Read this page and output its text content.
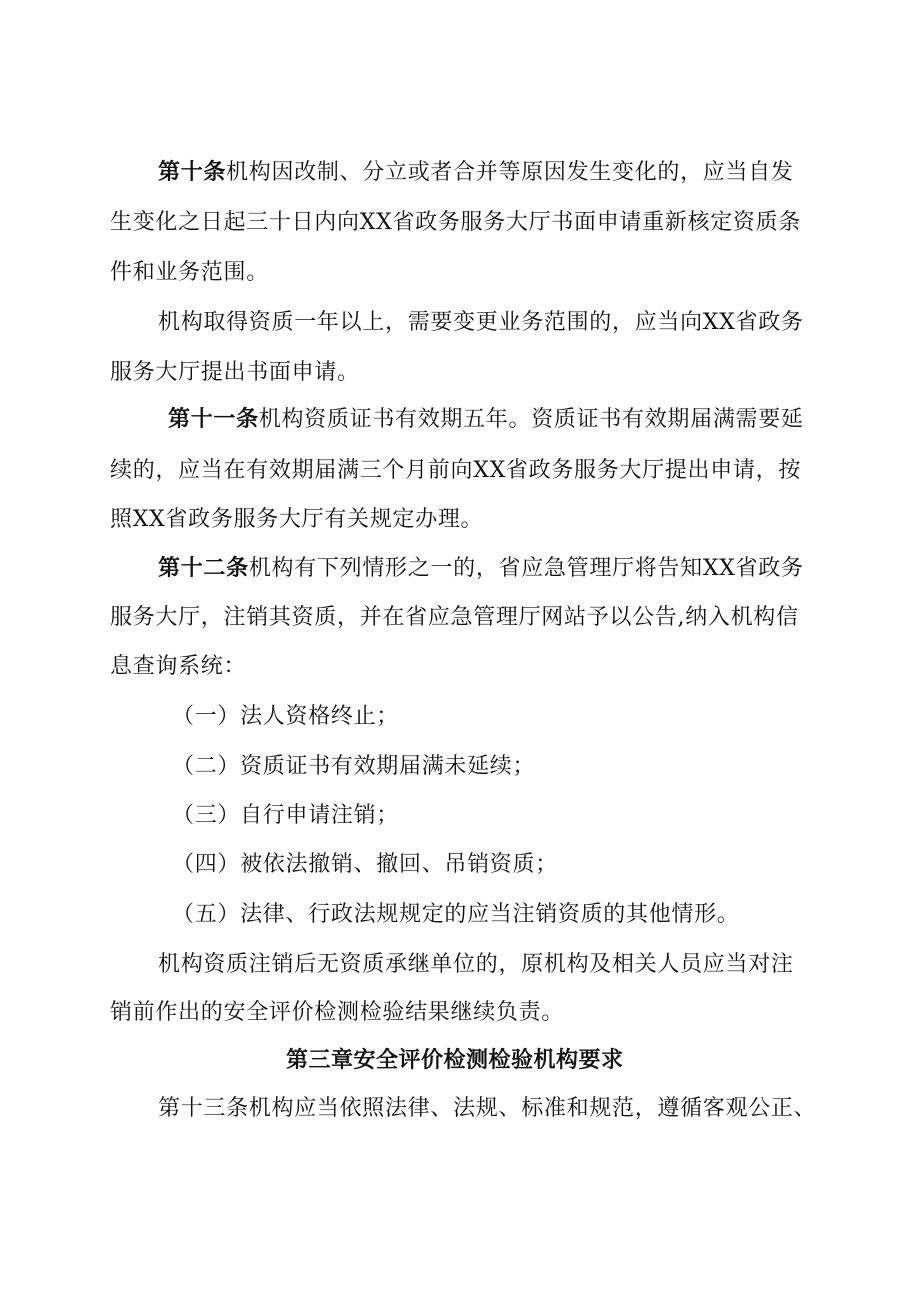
第十条机构因改制、分立或者合并等原因发生变化的，应当自发
生变化之日起三十日内向XX省政务服务大厅书面申请重新核定资质条
件和业务范围。
机构取得资质一年以上，需要变更业务范围的，应当向XX省政务
服务大厅提出书面申请。
第十一条机构资质证书有效期五年。资质证书有效期届满需要延
续的，应当在有效期届满三个月前向XX省政务服务大厅提出申请，按
照XX省政务服务大厅有关规定办理。
第十二条机构有下列情形之一的，省应急管理厅将告知XX省政务
服务大厅，注销其资质，并在省应急管理厅网站予以公告,纳入机构信
息查询系统：
（一）法人资格终止；
（二）资质证书有效期届满未延续；
（三）自行申请注销；
（四）被依法撤销、撤回、吊销资质；
（五）法律、行政法规规定的应当注销资质的其他情形。
机构资质注销后无资质承继单位的，原机构及相关人员应当对注
销前作出的安全评价检测检验结果继续负责。
第三章安全评价检测检验机构要求
第十三条机构应当依照法律、法规、标准和规范，遵循客观公正、
